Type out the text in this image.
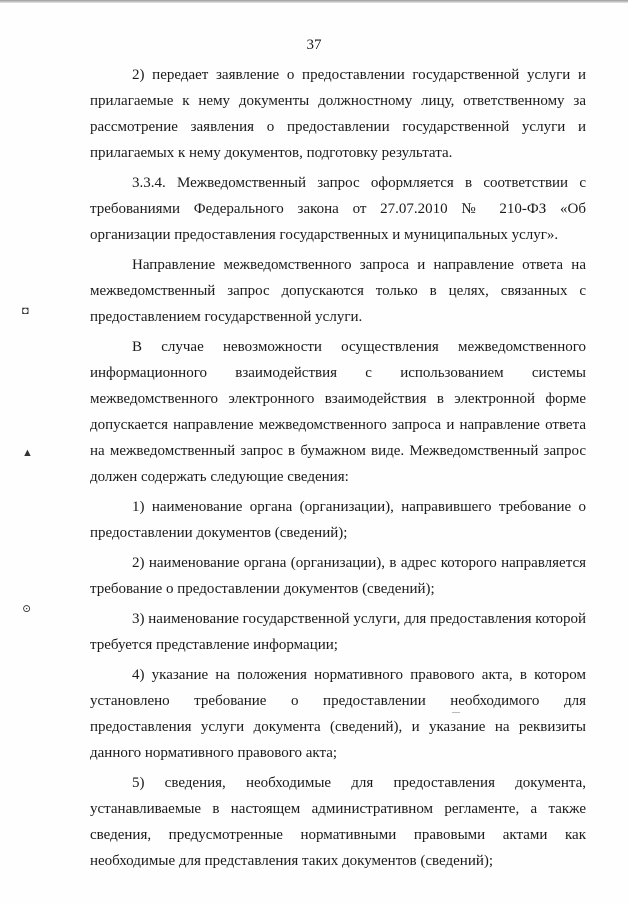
37
◘
▲
⊙

2) передает заявление о предоставлении государственной услуги и прилагаемые к нему документы должностному лицу, ответственному за рассмотрение заявления о предоставлении государственной услуги и прилагаемых к нему документов, подготовку результата.

3.3.4. Межведомственный запрос оформляется в соответствии с требованиями Федерального закона от 27.07.2010 № 210-ФЗ «Об организации предоставления государственных и муниципальных услуг».

Направление межведомственного запроса и направление ответа на межведомственный запрос допускаются только в целях, связанных с предоставлением государственной услуги.

В случае невозможности осуществления межведомственного информационного взаимодействия с использованием системы межведомственного электронного взаимодействия в электронной форме допускается направление межведомственного запроса и направление ответа на межведомственный запрос в бумажном виде. Межведомственный запрос должен содержать следующие сведения:

1) наименование органа (организации), направившего требование о предоставлении документов (сведений);

2) наименование органа (организации), в адрес которого направляется требование о предоставлении документов (сведений);

3) наименование государственной услуги, для предоставления которой требуется представление информации;

4) указание на положения нормативного правового акта, в котором установлено требование о предоставлении необходимого для предоставления услуги документа (сведений), и указание на реквизиты данного нормативного правового акта;

5) сведения, необходимые для предоставления документа, устанавливаемые в настоящем административном регламенте, а также сведения, предусмотренные нормативными правовыми актами как необходимые для представления таких документов (сведений);
